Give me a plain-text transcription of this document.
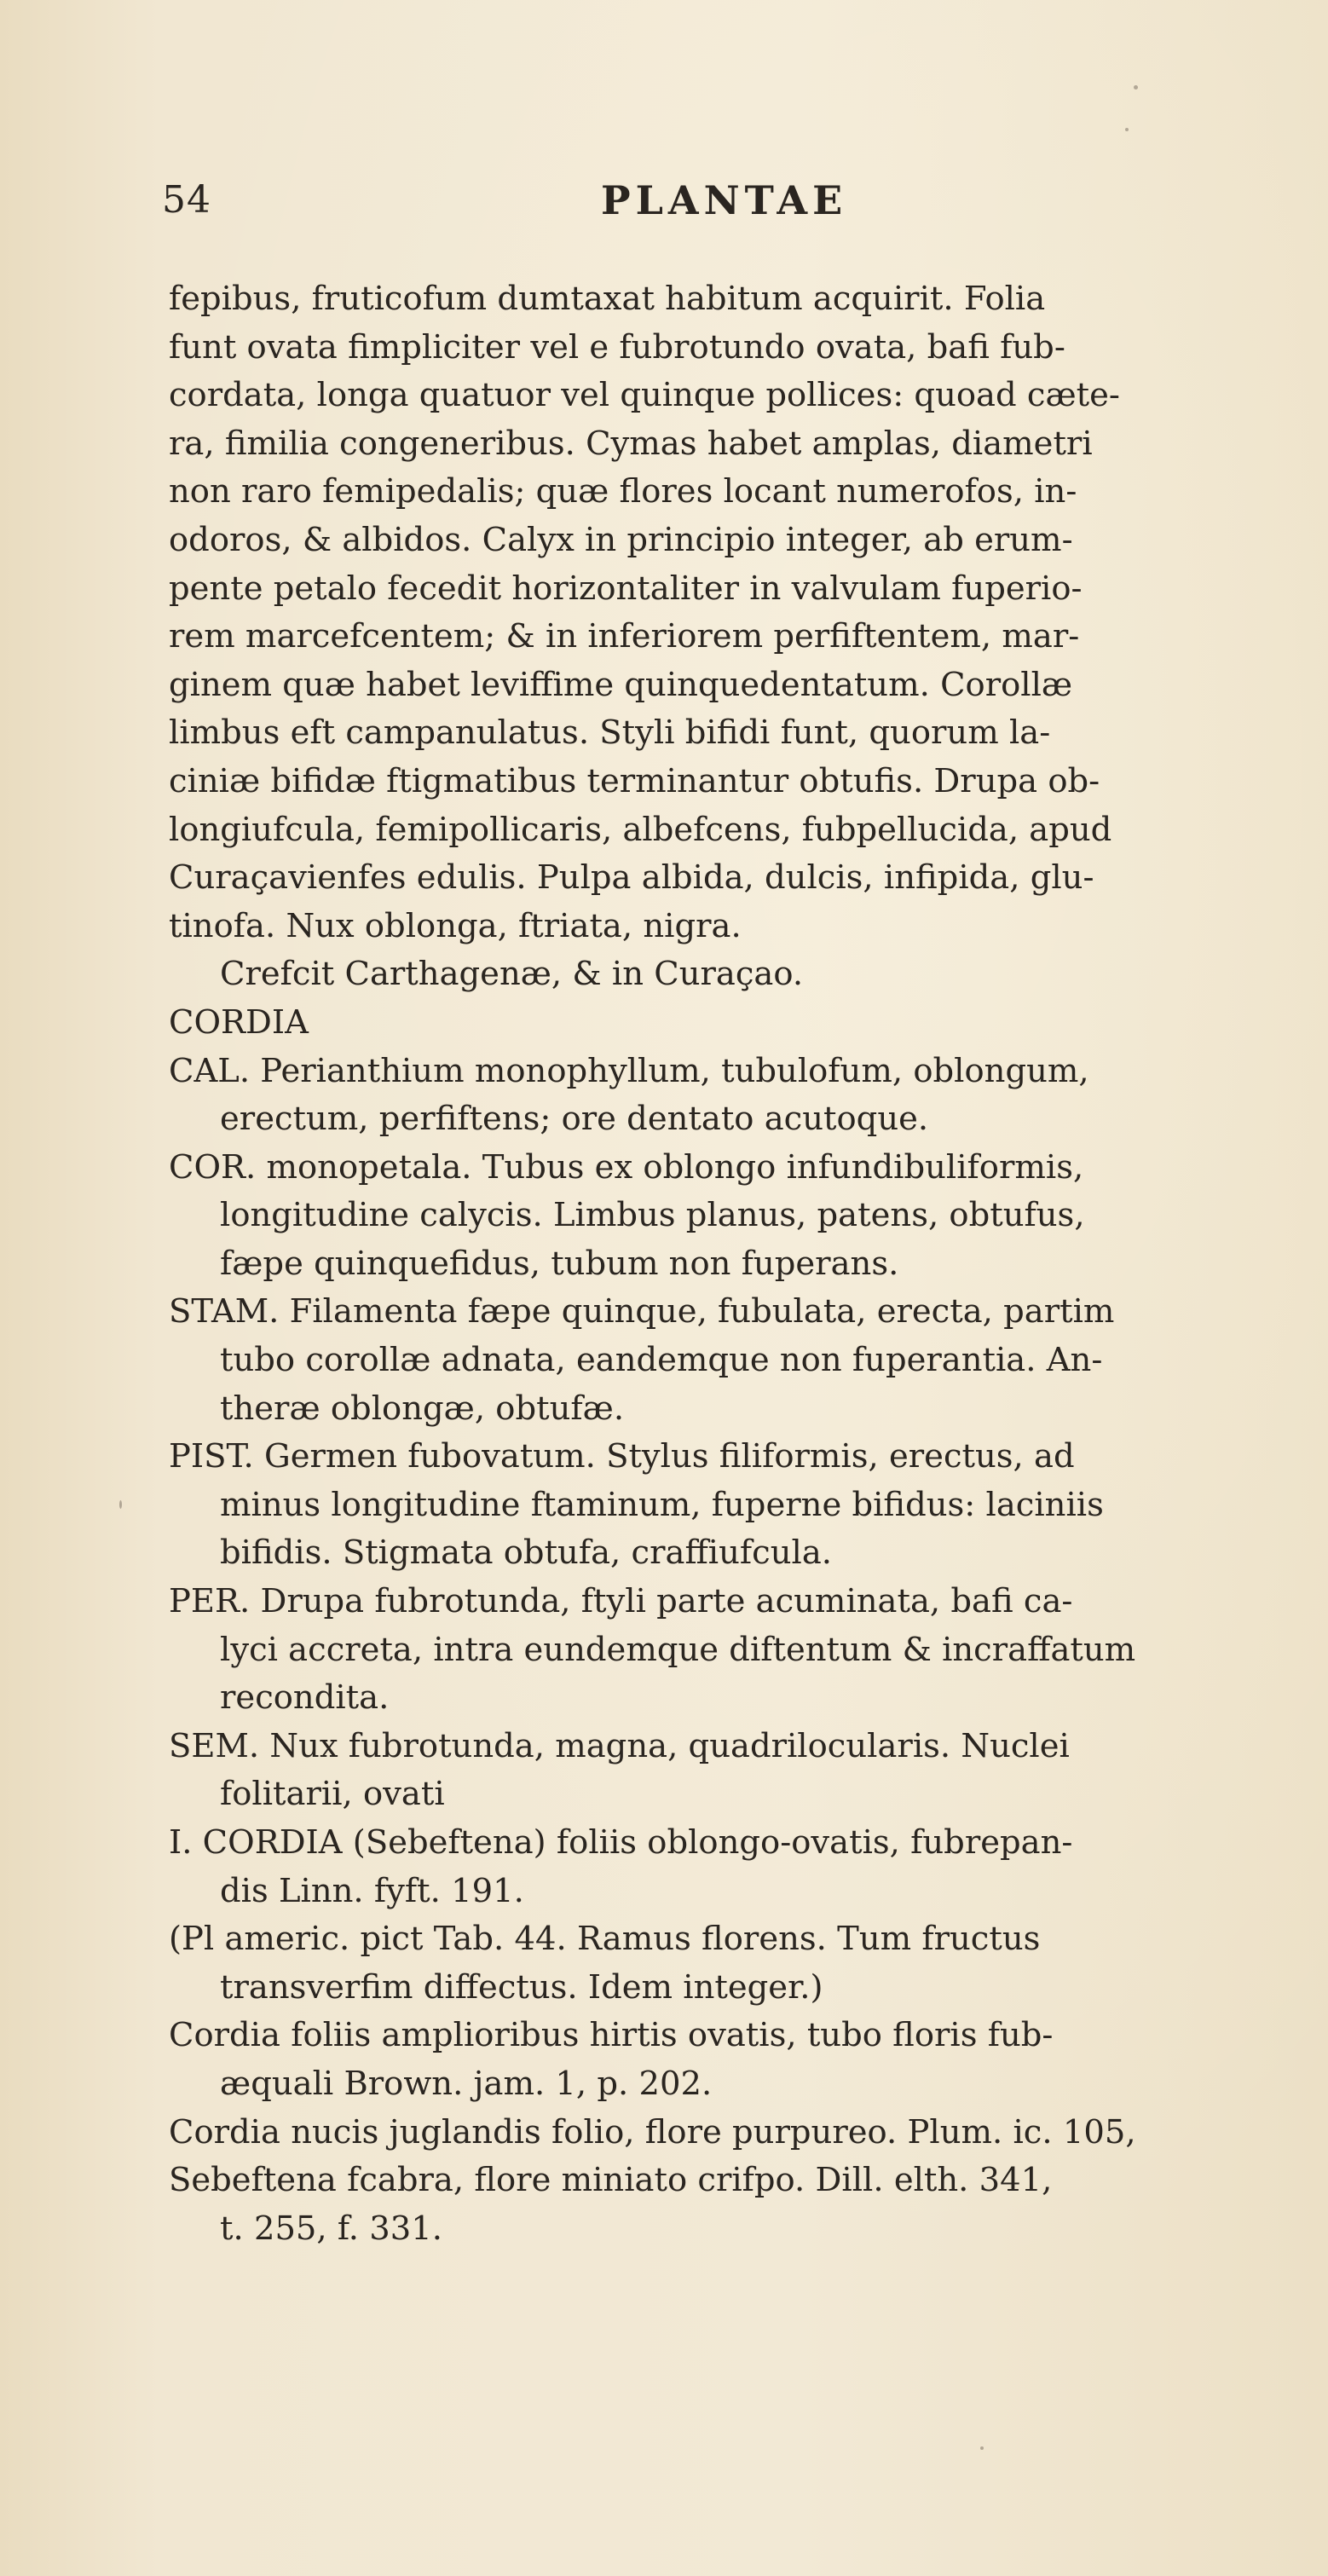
54	PLANTAE
fepibus, fruticofum dumtaxat habitum acquirit. Folia
funt ovata fimpliciter vel e fubrotundo ovata, bafi fub-
cordata, longa quatuor vel quinque pollices: quoad cæte-
ra, fimilia congeneribus. Cymas habet amplas, diametri
non raro femipedalis; quæ flores locant numerofos, in-
odoros, & albidos. Calyx in principio integer, ab erum-
pente petalo fecedit horizontaliter in valvulam fuperio-
rem marcefcentem; & in inferiorem perfiftentem, mar-
ginem quæ habet leviffime quinquedentatum. Corollæ
limbus eft campanulatus. Styli bifidi funt, quorum la-
ciniæ bifidæ ftigmatibus terminantur obtufis. Drupa ob-
longiufcula, femipollicaris, albefcens, fubpellucida, apud
Curaçavienfes edulis. Pulpa albida, dulcis, infipida, glu-
tinofa. Nux oblonga, ftriata, nigra.
Crefcit Carthagenæ, & in Curaçao.
CORDIA
CAL. Perianthium monophyllum, tubulofum, oblongum,
erectum, perfiftens; ore dentato acutoque.
COR. monopetala. Tubus ex oblongo infundibuliformis,
longitudine calycis. Limbus planus, patens, obtufus,
fæpe quinquefidus, tubum non fuperans.
STAM. Filamenta fæpe quinque, fubulata, erecta, partim
tubo corollæ adnata, eandemque non fuperantia. An-
theræ oblongæ, obtufæ.
PIST. Germen fubovatum. Stylus filiformis, erectus, ad
minus longitudine ftaminum, fuperne bifidus: laciniis
bifidis. Stigmata obtufa, craffiufcula.
PER. Drupa fubrotunda, ftyli parte acuminata, bafi ca-
lyci accreta, intra eundemque diftentum & incraffatum
recondita.
SEM. Nux fubrotunda, magna, quadrilocularis. Nuclei
folitarii, ovati
I. CORDIA (Sebeftena) foliis oblongo-ovatis, fubrepan-
dis Linn. fyft. 191.
(Pl americ. pict Tab. 44. Ramus florens. Tum fructus
transverfim diffectus. Idem integer.)
Cordia foliis amplioribus hirtis ovatis, tubo floris fub-
æquali Brown. jam. 1, p. 202.
Cordia nucis juglandis folio, flore purpureo. Plum. ic. 105,
Sebeftena fcabra, flore miniato crifpo. Dill. elth. 341,
t. 255, f. 331.
